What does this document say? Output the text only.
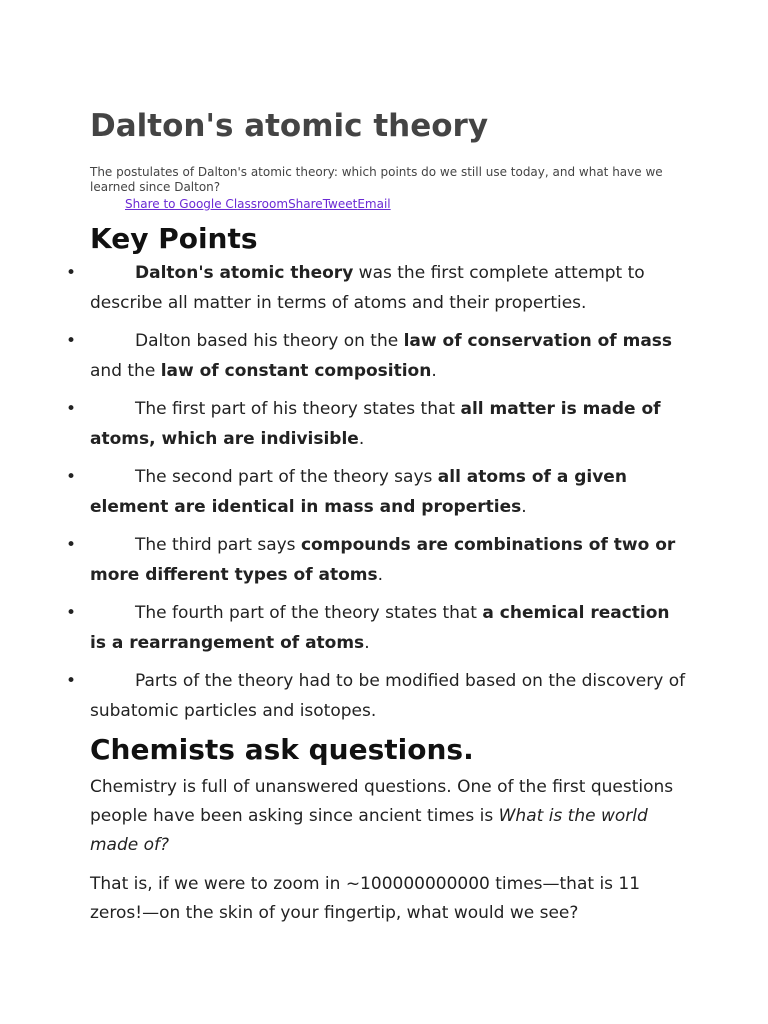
Dalton's atomic theory

The postulates of Dalton's atomic theory: which points do we still use today, and what have we learned since Dalton?

Share to Google ClassroomShareTweetEmail
Key Points
•	Dalton's atomic theory was the first complete attempt to describe all matter in terms of atoms and their properties.
•	Dalton based his theory on the law of conservation of mass and the law of constant composition.
•	The first part of his theory states that all matter is made of atoms, which are indivisible.
•	The second part of the theory says all atoms of a given element are identical in mass and properties.
•	The third part says compounds are combinations of two or more different types of atoms.
•	The fourth part of the theory states that a chemical reaction is a rearrangement of atoms.
•	Parts of the theory had to be modified based on the discovery of subatomic particles and isotopes.
Chemists ask questions.

Chemistry is full of unanswered questions. One of the first questions people have been asking since ancient times is What is the world made of?

That is, if we were to zoom in ~100000000000 times—that is 11 zeros!—on the skin of your fingertip, what would we see?
